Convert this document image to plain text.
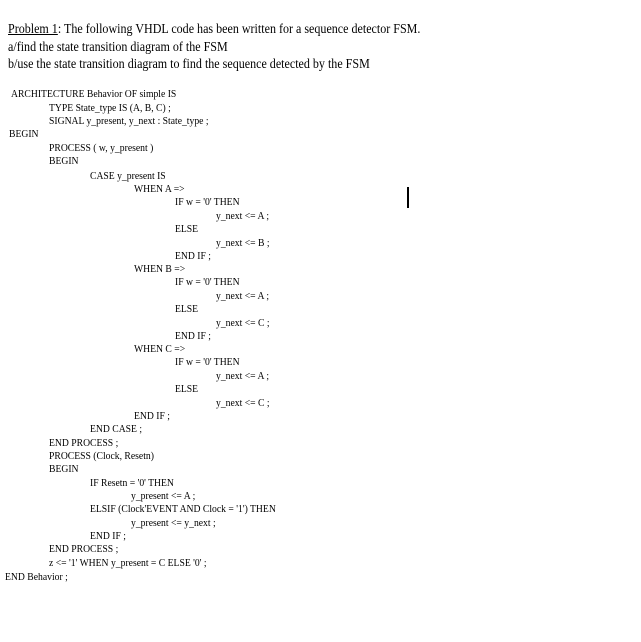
Problem 1: The following VHDL code has been written for a sequence detector FSM.
a/find the state transition diagram of the FSM
b/use the state transition diagram to find the sequence detected by the FSM
ARCHITECTURE Behavior OF simple IS
TYPE State_type IS (A, B, C) ;
SIGNAL y_present, y_next : State_type ;
BEGIN
PROCESS ( w, y_present )
BEGIN
CASE y_present IS
WHEN A =>
IF w = '0' THEN
y_next <= A ;
ELSE
y_next <= B ;
END IF ;
WHEN B =>
IF w = '0' THEN
y_next <= A ;
ELSE
y_next <= C ;
END IF ;
WHEN C =>
IF w = '0' THEN
y_next <= A ;
ELSE
y_next <= C ;
END IF ;
END CASE ;
END PROCESS ;
PROCESS (Clock, Resetn)
BEGIN
IF Resetn = '0' THEN
y_present <= A ;
ELSIF (Clock'EVENT AND Clock = '1') THEN
y_present <= y_next ;
END IF ;
END PROCESS ;
z <= '1' WHEN y_present = C ELSE '0' ;
END Behavior ;
